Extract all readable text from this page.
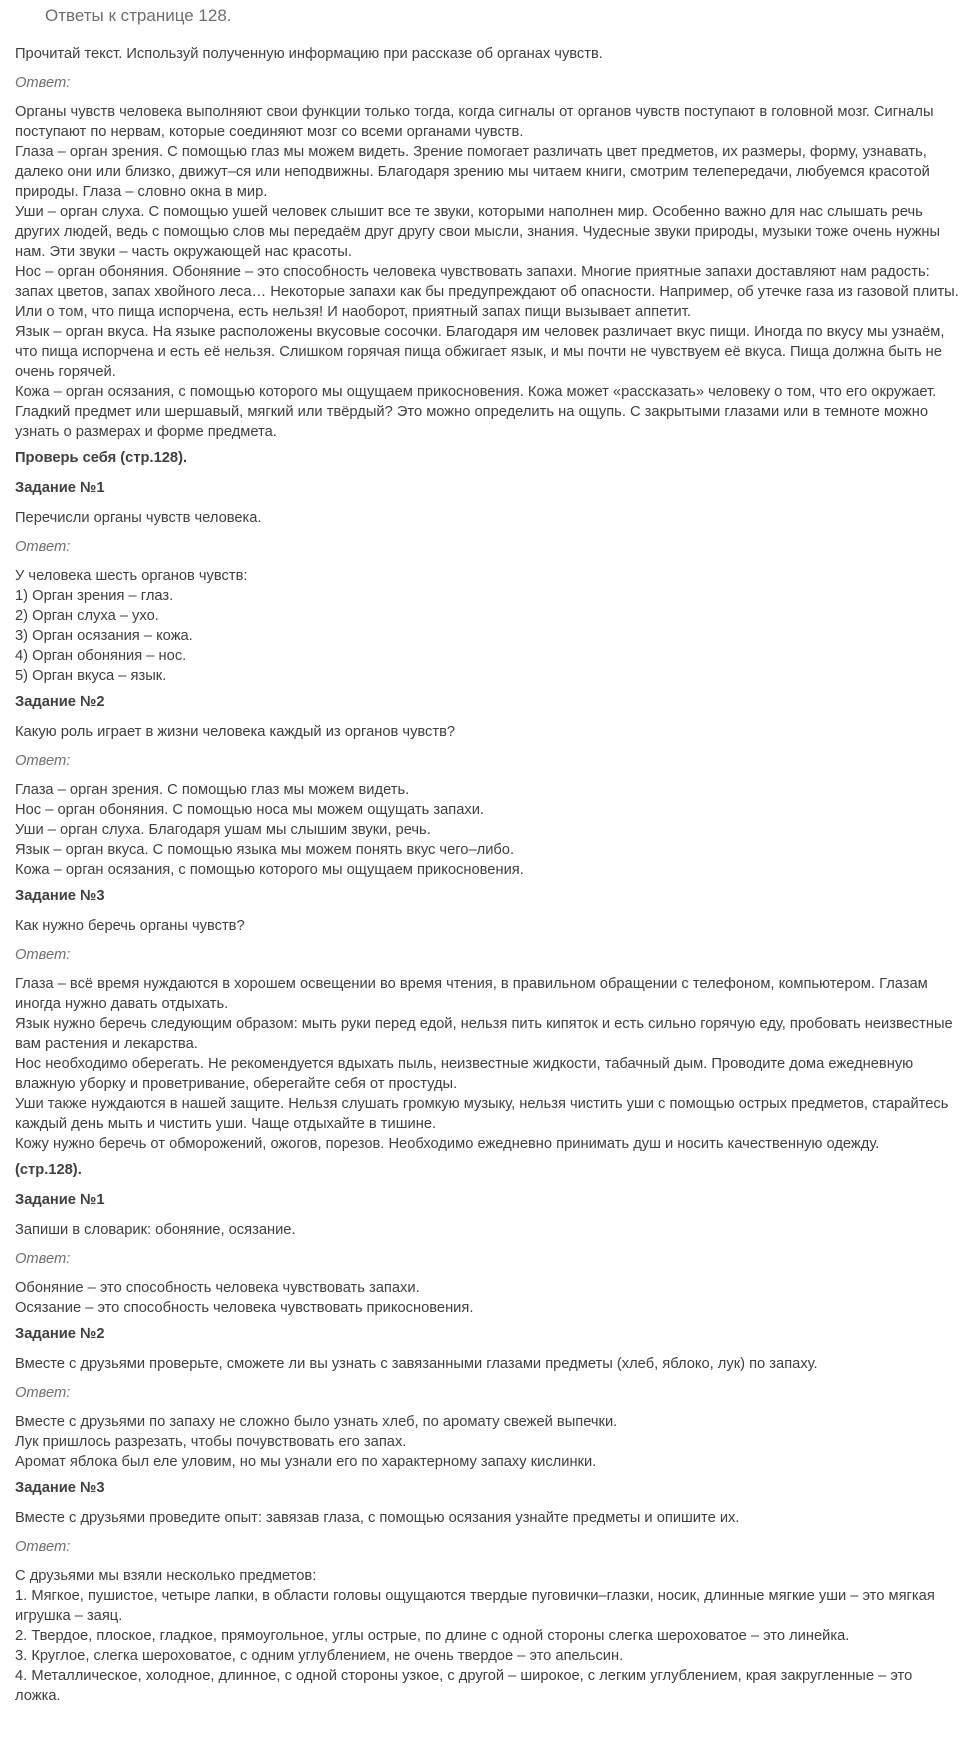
Ответы к странице 128.

Прочитай текст. Используй полученную информацию при рассказе об органах чувств.

Ответ:

Органы чувств человека выполняют свои функции только тогда, когда сигналы от органов чувств поступают в головной мозг. Сигналы поступают по нервам, которые соединяют мозг со всеми органами чувств.

Глаза – орган зрения. С помощью глаз мы можем видеть. Зрение помогает различать цвет предметов, их размеры, форму, узнавать, далеко они или близко, движут–ся или неподвижны. Благодаря зрению мы читаем книги, смотрим телепередачи, любуемся красотой природы. Глаза – словно окна в мир.

Уши – орган слуха. С помощью ушей человек слышит все те звуки, которыми наполнен мир. Особенно важно для нас слышать речь других людей, ведь с помощью слов мы передаём друг другу свои мысли, знания. Чудесные звуки природы, музыки тоже очень нужны нам. Эти звуки – часть окружающей нас красоты.

Нос – орган обоняния. Обоняние – это способность человека чувствовать запахи. Многие приятные запахи доставляют нам радость: запах цветов, запах хвойного леса… Некоторые запахи как бы предупреждают об опасности. Например, об утечке газа из газовой плиты. Или о том, что пища испорчена, есть нельзя! И наоборот, приятный запах пищи вызывает аппетит.

Язык – орган вкуса. На языке расположены вкусовые сосочки. Благодаря им человек различает вкус пищи. Иногда по вкусу мы узнаём, что пища испорчена и есть её нельзя. Слишком горячая пища обжигает язык, и мы почти не чувствуем её вкуса. Пища должна быть не очень горячей.

Кожа – орган осязания, с помощью которого мы ощущаем прикосновения. Кожа может «рассказать» человеку о том, что его окружает. Гладкий предмет или шершавый, мягкий или твёрдый? Это можно определить на ощупь. С закрытыми глазами или в темноте можно узнать о размерах и форме предмета.

Проверь себя (стр.128).
Задание №1

Перечисли органы чувств человека.

Ответ:

У человека шесть органов чувств:

1) Орган зрения – глаз.

2) Орган слуха – ухо.

3) Орган осязания – кожа.

4) Орган обоняния – нос.

5) Орган вкуса – язык.

Задание №2

Какую роль играет в жизни человека каждый из органов чувств?

Ответ:

Глаза – орган зрения. С помощью глаз мы можем видеть.

Нос – орган обоняния. С помощью носа мы можем ощущать запахи.

Уши – орган слуха. Благодаря ушам мы слышим звуки, речь.

Язык – орган вкуса. С помощью языка мы можем понять вкус чего–либо.

Кожа – орган осязания, с помощью которого мы ощущаем прикосновения.

Задание №3

Как нужно беречь органы чувств?

Ответ:

Глаза – всё время нуждаются в хорошем освещении во время чтения, в правильном обращении с телефоном, компьютером. Глазам иногда нужно давать отдыхать.

Язык нужно беречь следующим образом: мыть руки перед едой, нельзя пить кипяток и есть сильно горячую еду, пробовать неизвестные вам растения и лекарства.

Нос необходимо оберегать. Не рекомендуется вдыхать пыль, неизвестные жидкости, табачный дым. Проводите дома ежедневную влажную уборку и проветривание, оберегайте себя от простуды.

Уши также нуждаются в нашей защите. Нельзя слушать громкую музыку, нельзя чистить уши с помощью острых предметов, старайтесь каждый день мыть и чистить уши. Чаще отдыхайте в тишине.

Кожу нужно беречь от обморожений, ожогов, порезов. Необходимо ежедневно принимать душ и носить качественную одежду.

(стр.128).
Задание №1

Запиши в словарик: обоняние, осязание.

Ответ:

Обоняние – это способность человека чувствовать запахи.

Осязание – это способность человека чувствовать прикосновения.

Задание №2

Вместе с друзьями проверьте, сможете ли вы узнать с завязанными глазами предметы (хлеб, яблоко, лук) по запаху.

Ответ:

Вместе с друзьями по запаху не сложно было узнать хлеб, по аромату свежей выпечки.

Лук пришлось разрезать, чтобы почувствовать его запах.

Аромат яблока был еле уловим, но мы узнали его по характерному запаху кислинки.

Задание №3

Вместе с друзьями проведите опыт: завязав глаза, с помощью осязания узнайте предметы и опишите их.

Ответ:

С друзьями мы взяли несколько предметов:

1. Мягкое, пушистое, четыре лапки, в области головы ощущаются твердые пуговички–глазки, носик, длинные мягкие уши – это мягкая игрушка – заяц.

2. Твердое, плоское, гладкое, прямоугольное, углы острые, по длине с одной стороны слегка шероховатое – это линейка.

3. Круглое, слегка шероховатое, с одним углублением, не очень твердое – это апельсин.

4. Металлическое, холодное, длинное, с одной стороны узкое, с другой – широкое, с легким углублением, края закругленные – это ложка.
